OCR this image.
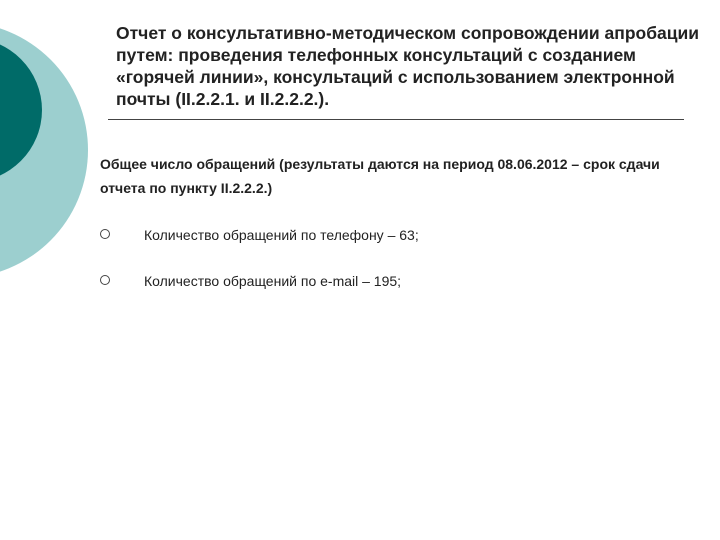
Отчет о консультативно-методическом сопровождении апробации путем: проведения телефонных консультаций с созданием «горячей линии», консультаций с использованием электронной почты (II.2.2.1. и II.2.2.2.).
Общее число обращений (результаты даются на период 08.06.2012 – срок сдачи отчета по пункту II.2.2.2.)
Количество обращений по телефону – 63;
Количество обращений по e-mail – 195;
